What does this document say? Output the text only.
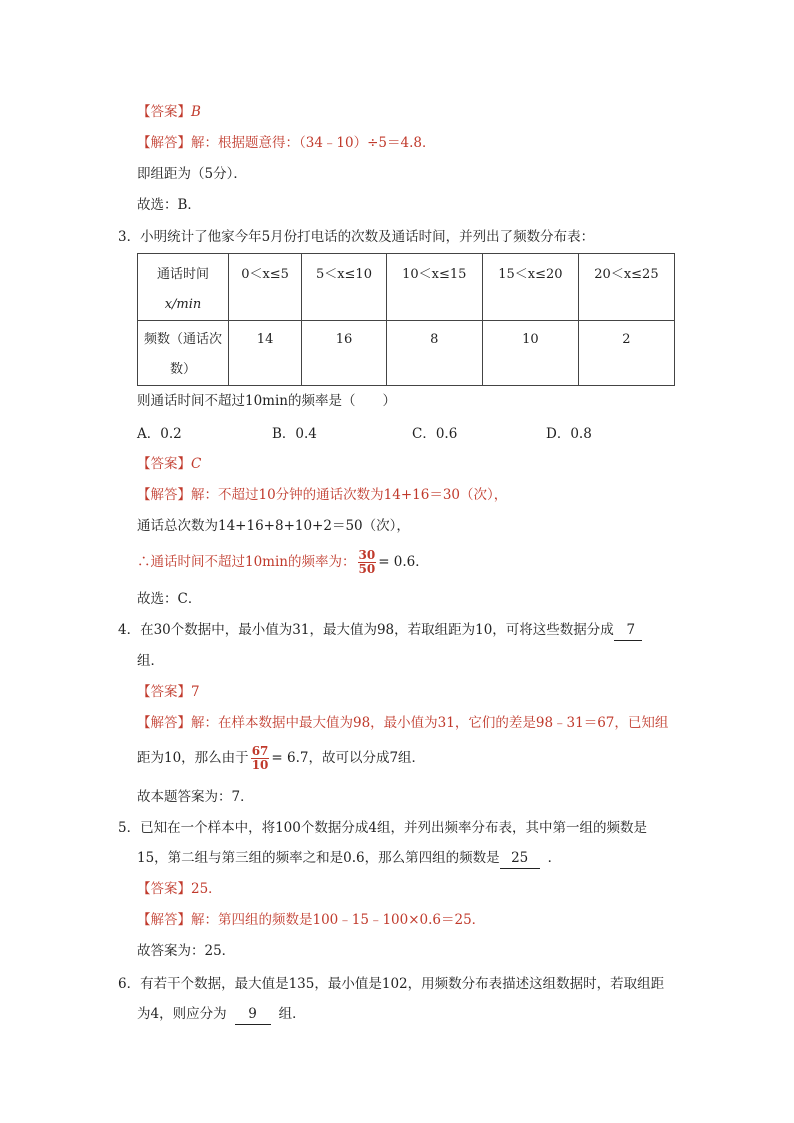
【答案】B
【解答】解：根据题意得：（34﹣10）÷5＝4.8．
即组距为（5分）．
故选：B．
3．小明统计了他家今年5月份打电话的次数及通话时间，并列出了频数分布表：
通话时间
x/min	0＜x≤5	5＜x≤10	10＜x≤15	15＜x≤20	20＜x≤25

频数（通话次
数）	14	16	8	10	2
则通话时间不超过10min的频率是（　　）
A．0.2	B．0.4	C．0.6	D．0.8
【答案】C
【解答】解：不超过10分钟的通话次数为14+16＝30（次），
通话总次数为14+16+8+10+2＝50（次），
∴通话时间不超过10min的频率为： $\frac{30}{50} = 0.6$．
故选：C．
4．在30个数据中，最小值为31，最大值为98，若取组距为10，可将这些数据分成 7
组．
【答案】7
【解答】解：在样本数据中最大值为98，最小值为31，它们的差是98﹣31＝67，已知组
距为10，那么由于 $\frac{67}{10} = 6.7$，故可以分成7组．
故本题答案为：7．
5．已知在一个样本中，将100个数据分成4组，并列出频率分布表，其中第一组的频数是
15，第二组与第三组的频率之和是0.6，那么第四组的频数是 25 ．
【答案】25．
【解答】解：第四组的频数是100﹣15﹣100×0.6＝25．
故答案为：25．
6．有若干个数据，最大值是135，最小值是102，用频数分布表描述这组数据时，若取组距
为4，则应分为 9 组．
